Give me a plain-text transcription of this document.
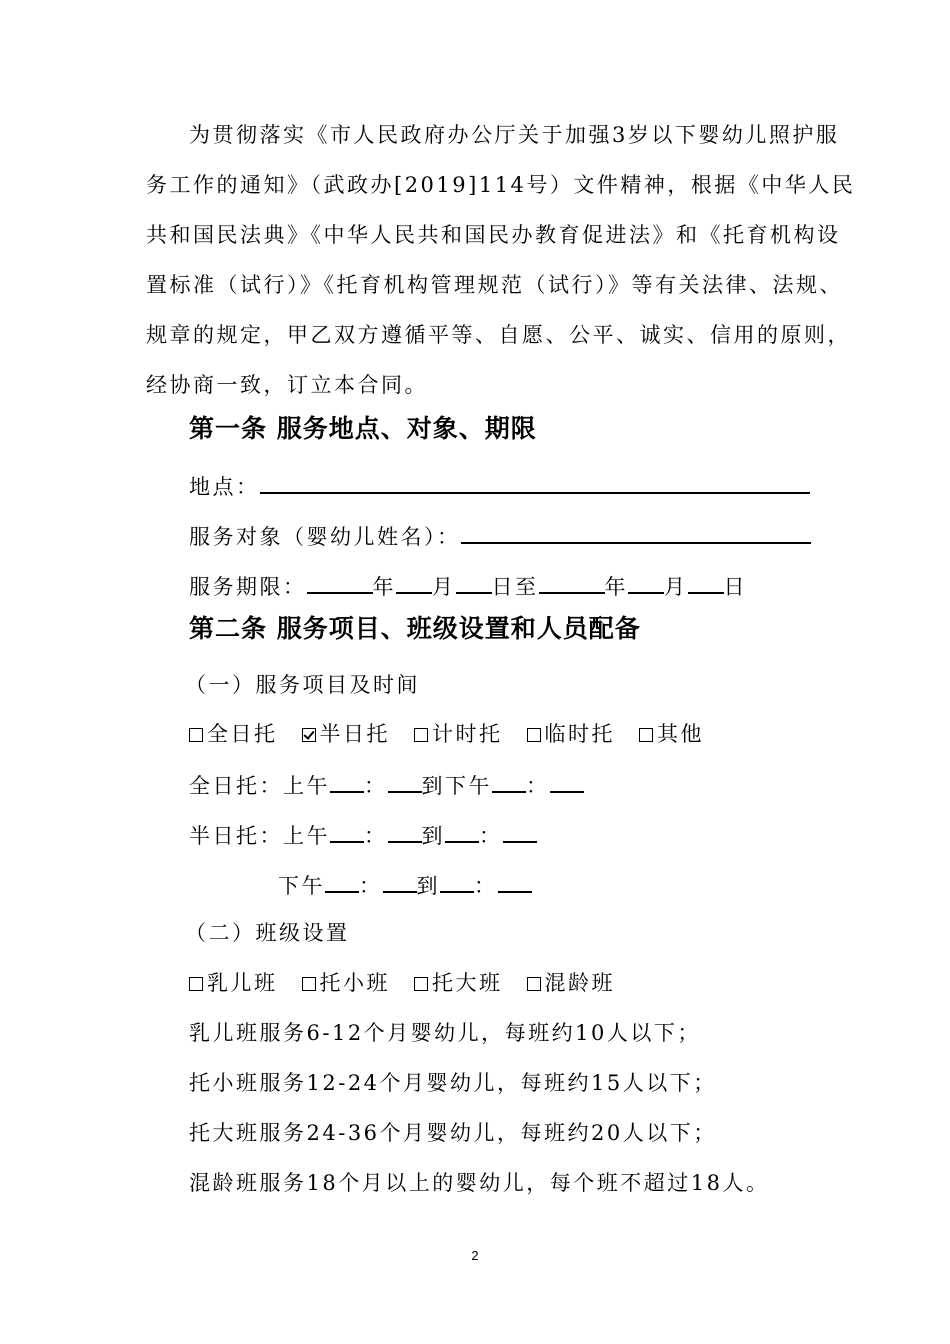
为贯彻落实《市人民政府办公厅关于加强3岁以下婴幼儿照护服
务工作的通知》（武政办[2019]114号）文件精神，根据《中华人民
共和国民法典》《中华人民共和国民办教育促进法》和《托育机构设
置标准（试行）》《托育机构管理规范（试行）》等有关法律、法规、
规章的规定，甲乙双方遵循平等、自愿、公平、诚实、信用的原则，
经协商一致，订立本合同。
第一条 服务地点、对象、期限
地点：
服务对象（婴幼儿姓名）：
服务期限：	年 月 日至	年 月 日
第二条 服务项目、班级设置和人员配备
（一）服务项目及时间
全日托 半日托 计时托 临时托 其他
全日托：上午 ： 到下午 ：
半日托：上午 ： 到 ：
下午 ： 到 ：
（二）班级设置
乳儿班 托小班 托大班 混龄班
乳儿班服务6-12个月婴幼儿，每班约10人以下；
托小班服务12-24个月婴幼儿，每班约15人以下；
托大班服务24-36个月婴幼儿，每班约20人以下；
混龄班服务18个月以上的婴幼儿，每个班不超过18人。
2
